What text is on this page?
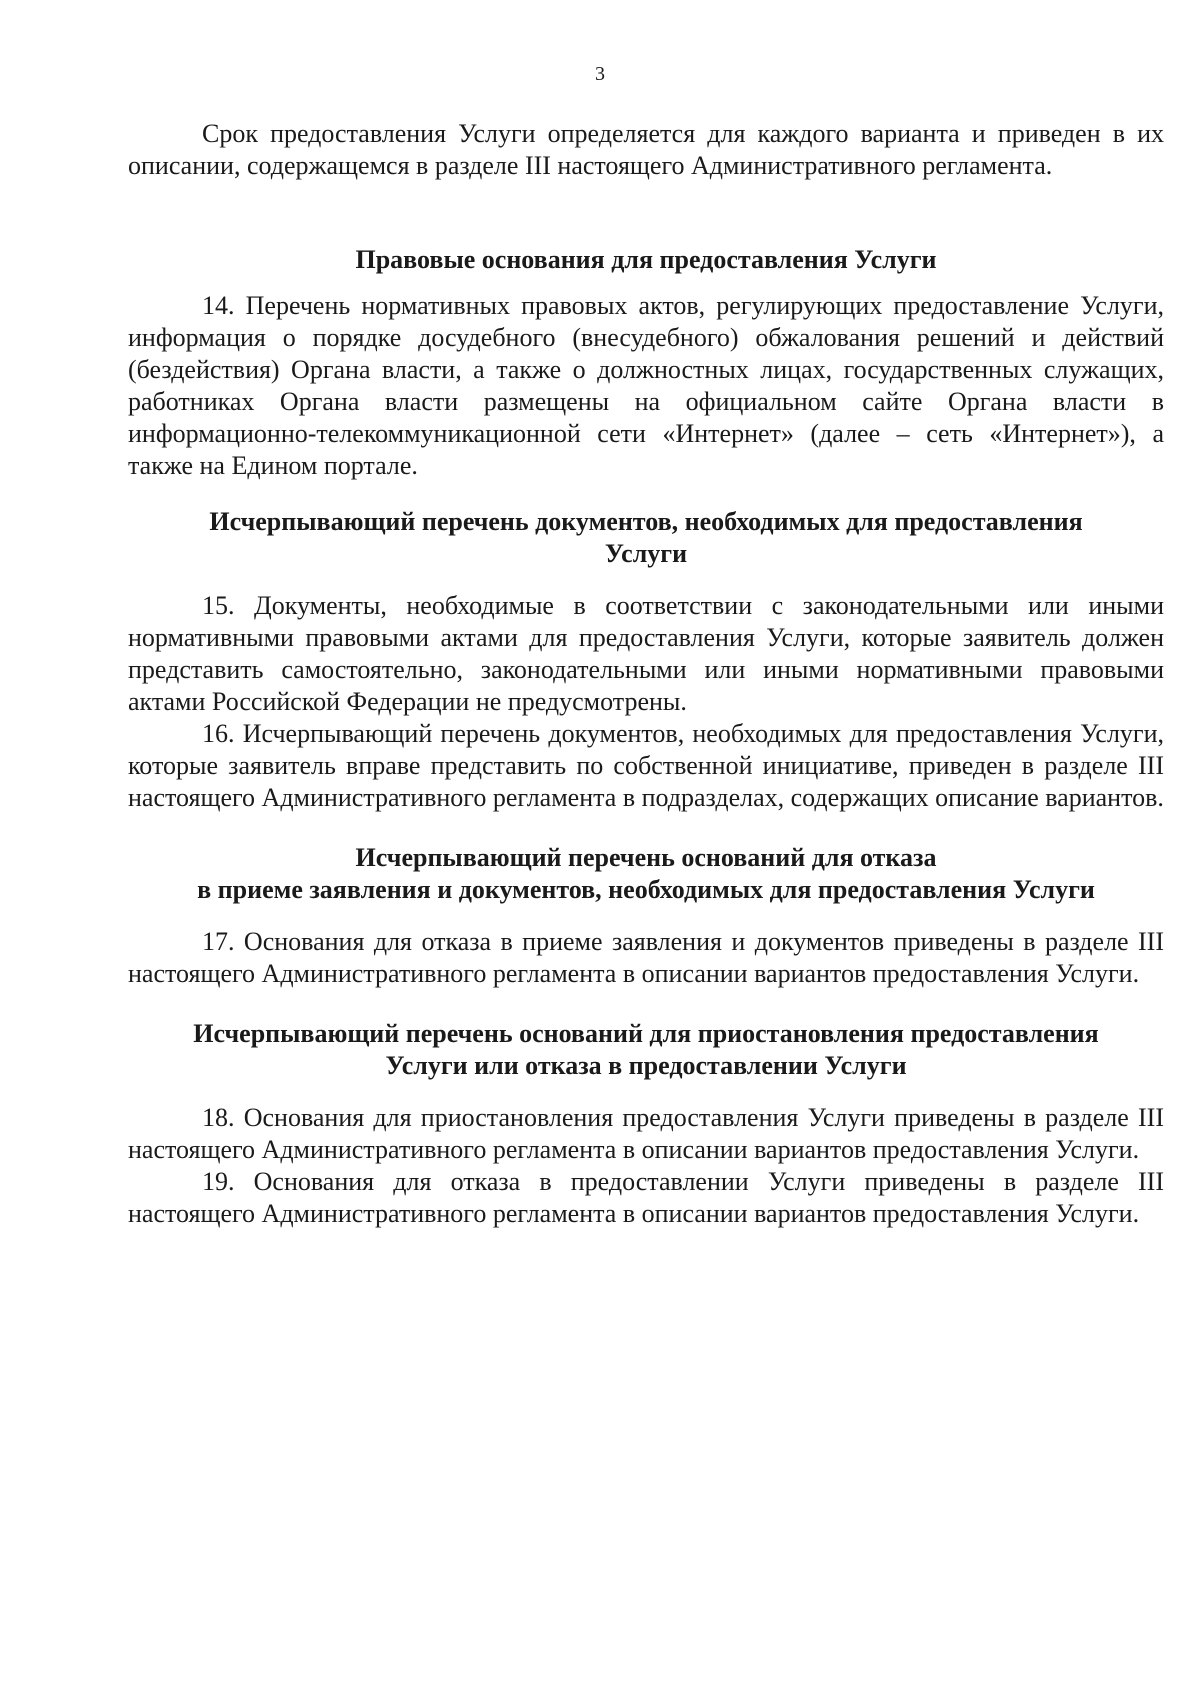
3

Срок предоставления Услуги определяется для каждого варианта и приведен в их описании, содержащемся в разделе III настоящего Административного регламента.

Правовые основания для предоставления Услуги

14. Перечень нормативных правовых актов, регулирующих предоставление Услуги, информация о порядке досудебного (внесудебного) обжалования решений и действий (бездействия) Органа власти, а также о должностных лицах, государственных служащих, работниках Органа власти размещены на официальном сайте Органа власти в информационно-телекоммуникационной сети «Интернет» (далее – сеть «Интернет»), а также на Едином портале.

Исчерпывающий перечень документов, необходимых для предоставления
Услуги

15. Документы, необходимые в соответствии с законодательными или иными нормативными правовыми актами для предоставления Услуги, которые заявитель должен представить самостоятельно, законодательными или иными нормативными правовыми актами Российской Федерации не предусмотрены.

16. Исчерпывающий перечень документов, необходимых для предоставления Услуги, которые заявитель вправе представить по собственной инициативе, приведен в разделе III настоящего Административного регламента в подразделах, содержащих описание вариантов.

Исчерпывающий перечень оснований для отказа
в приеме заявления и документов, необходимых для предоставления Услуги

17. Основания для отказа в приеме заявления и документов приведены в разделе III настоящего Административного регламента в описании вариантов предоставления Услуги.

Исчерпывающий перечень оснований для приостановления предоставления
Услуги или отказа в предоставлении Услуги

18. Основания для приостановления предоставления Услуги приведены в разделе III настоящего Административного регламента в описании вариантов предоставления Услуги.

19. Основания для отказа в предоставлении Услуги приведены в разделе III настоящего Административного регламента в описании вариантов предоставления Услуги.
